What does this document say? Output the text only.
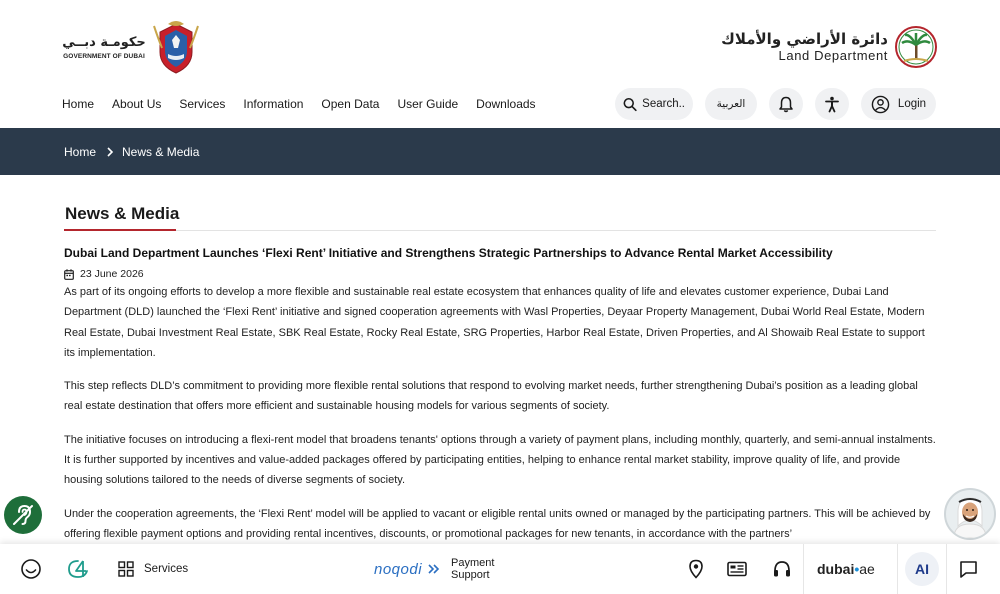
حكومـة دبــي
GOVERNMENT OF DUBAI
دائرة الأراضي والأملاك
Land Department
Home About Us Services Information Open Data User Guide Downloads	Search..	العربية	Login
Home News & Media
News & Media
Dubai Land Department Launches ‘Flexi Rent’ Initiative and Strengthens Strategic Partnerships to Advance Rental Market Accessibility
23 June 2026

As part of its ongoing efforts to develop a more flexible and sustainable real estate ecosystem that enhances quality of life and elevates customer experience, Dubai Land Department (DLD) launched the ‘Flexi Rent’ initiative and signed cooperation agreements with Wasl Properties, Deyaar Property Management, Dubai World Real Estate, Modern Real Estate, Dubai Investment Real Estate, SBK Real Estate, Rocky Real Estate, SRG Properties, Harbor Real Estate, Driven Properties, and Al Showaib Real Estate to support its implementation.

This step reflects DLD’s commitment to providing more flexible rental solutions that respond to evolving market needs, further strengthening Dubai’s position as a leading global real estate destination that offers more efficient and sustainable housing models for various segments of society.

The initiative focuses on introducing a flexi-rent model that broadens tenants' options through a variety of payment plans, including monthly, quarterly, and semi-annual instalments. It is further supported by incentives and value-added packages offered by participating entities, helping to enhance rental market stability, improve quality of life, and provide housing solutions tailored to the needs of diverse segments of society.

Under the cooperation agreements, the ‘Flexi Rent’ model will be applied to vacant or eligible rental units owned or managed by the participating partners. This will be achieved by offering flexible payment options and providing rental incentives, discounts, or promotional packages for new tenants, in accordance with the partners’

Services	noqodi	Payment
Support	dubai•ae	AI
